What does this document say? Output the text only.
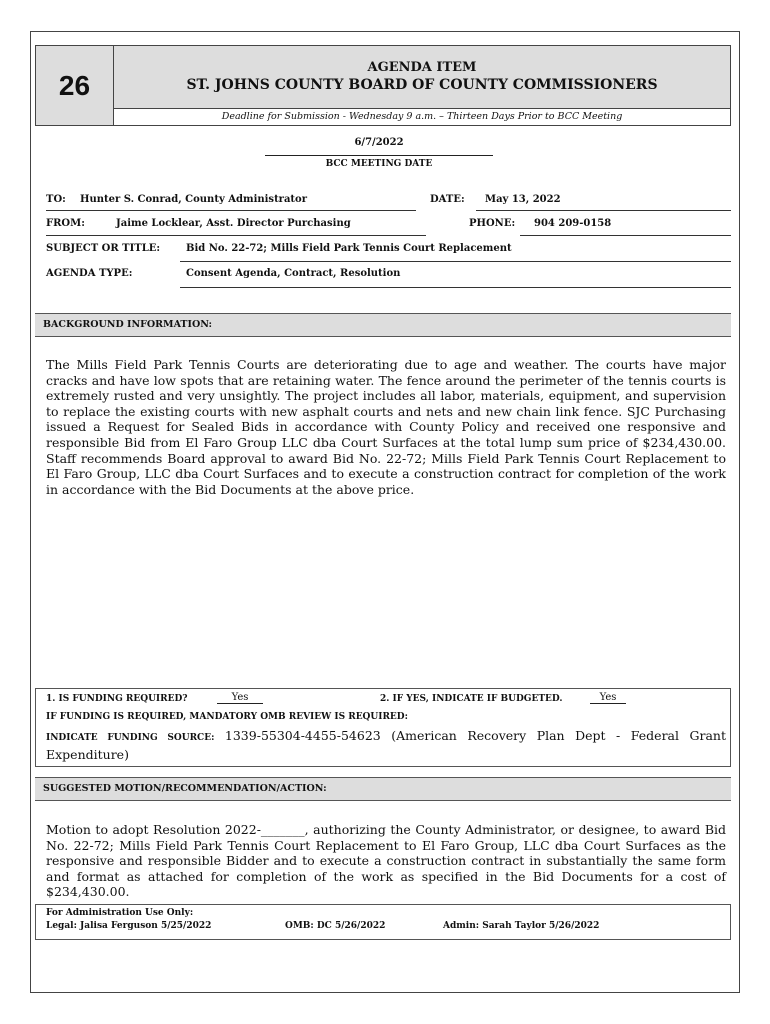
26
AGENDA ITEM
ST. JOHNS COUNTY BOARD OF COUNTY COMMISSIONERS
Deadline for Submission - Wednesday 9 a.m. – Thirteen Days Prior to BCC Meeting
6/7/2022
BCC MEETING DATE
TO: Hunter S. Conrad, County Administrator	DATE: May 13, 2022
FROM:	Jaime Locklear, Asst. Director Purchasing	PHONE: 904 209-0158
SUBJECT OR TITLE:	Bid No. 22-72; Mills Field Park Tennis Court Replacement
AGENDA TYPE:	Consent Agenda, Contract, Resolution
BACKGROUND INFORMATION:
The Mills Field Park Tennis Courts are deteriorating due to age and weather. The courts have major cracks and have low spots that are retaining water. The fence around the perimeter of the tennis courts is extremely rusted and very unsightly. The project includes all labor, materials, equipment, and supervision to replace the existing courts with new asphalt courts and nets and new chain link fence. SJC Purchasing issued a Request for Sealed Bids in accordance with County Policy and received one responsive and responsible Bid from El Faro Group LLC dba Court Surfaces at the total lump sum price of $234,430.00. Staff recommends Board approval to award Bid No. 22-72; Mills Field Park Tennis Court Replacement to El Faro Group, LLC dba Court Surfaces and to execute a construction contract for completion of the work in accordance with the Bid Documents at the above price.
1. IS FUNDING REQUIRED?	Yes	2. IF YES, INDICATE IF BUDGETED.	Yes
IF FUNDING IS REQUIRED, MANDATORY OMB REVIEW IS REQUIRED:
INDICATE FUNDING SOURCE: 1339-55304-4455-54623 (American Recovery Plan Dept - Federal Grant Expenditure)
SUGGESTED MOTION/RECOMMENDATION/ACTION:
Motion to adopt Resolution 2022-_______, authorizing the County Administrator, or designee, to award Bid No. 22-72; Mills Field Park Tennis Court Replacement to El Faro Group, LLC dba Court Surfaces as the responsive and responsible Bidder and to execute a construction contract in substantially the same form and format as attached for completion of the work as specified in the Bid Documents for a cost of $234,430.00.
For Administration Use Only:
Legal: Jalisa Ferguson 5/25/2022	OMB: DC 5/26/2022	Admin: Sarah Taylor 5/26/2022
